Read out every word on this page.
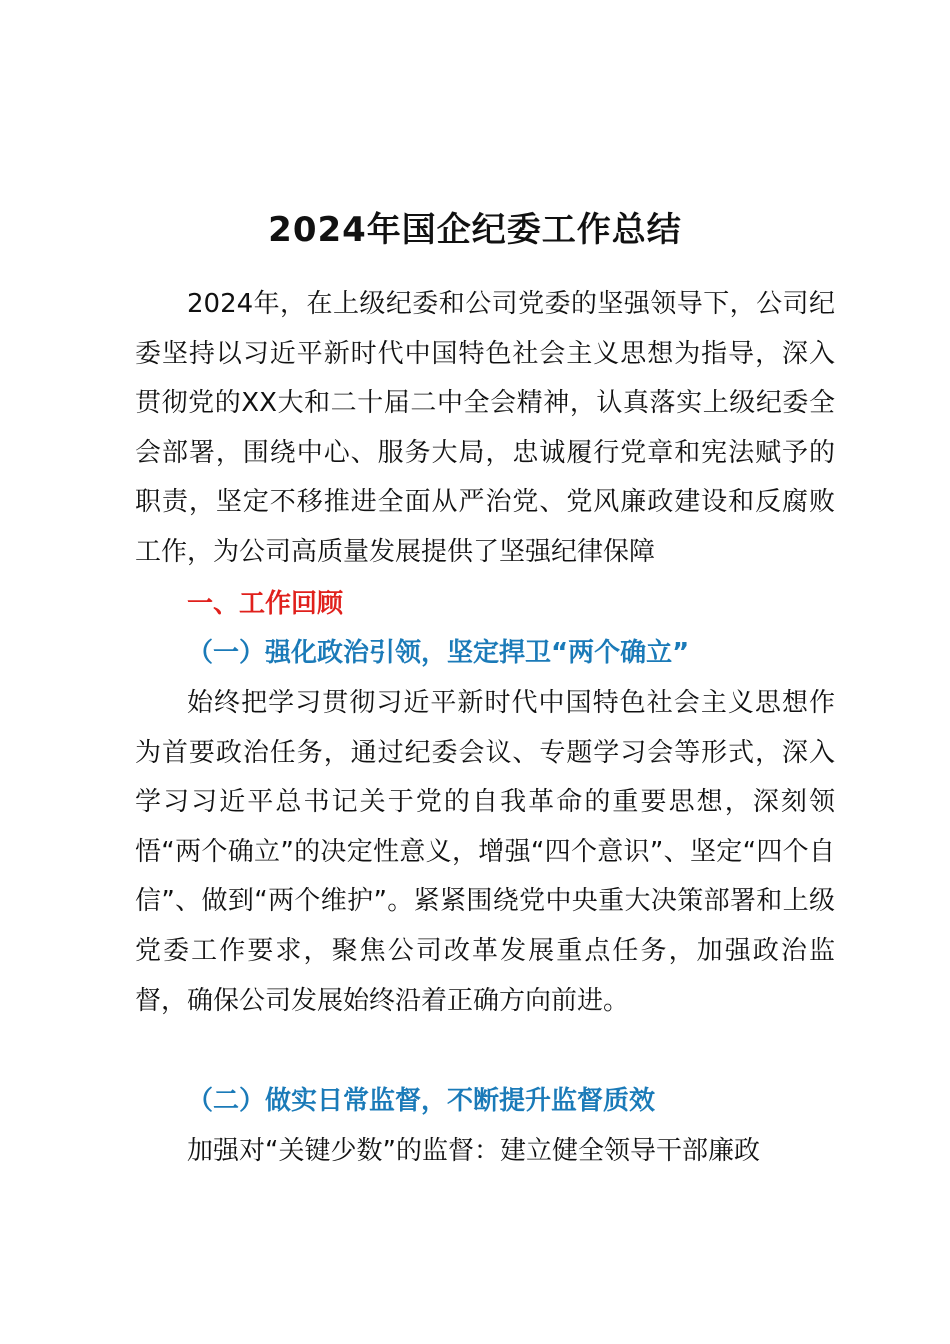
2024年国企纪委工作总结

2024年，在上级纪委和公司党委的坚强领导下，公司纪委坚持以习近平新时代中国特色社会主义思想为指导，深入贯彻党的XX大和二十届二中全会精神，认真落实上级纪委全会部署，围绕中心、服务大局，忠诚履行党章和宪法赋予的职责，坚定不移推进全面从严治党、党风廉政建设和反腐败工作，为公司高质量发展提供了坚强纪律保障

一、工作回顾
（一）强化政治引领，坚定捍卫“两个确立”

始终把学习贯彻习近平新时代中国特色社会主义思想作为首要政治任务，通过纪委会议、专题学习会等形式，深入学习习近平总书记关于党的自我革命的重要思想，深刻领悟“两个确立”的决定性意义，增强“四个意识”、坚定“四个自信”、做到“两个维护”。紧紧围绕党中央重大决策部署和上级党委工作要求，聚焦公司改革发展重点任务，加强政治监督，确保公司发展始终沿着正确方向前进。

（二）做实日常监督，不断提升监督质效

加强对“关键少数”的监督：建立健全领导干部廉政
